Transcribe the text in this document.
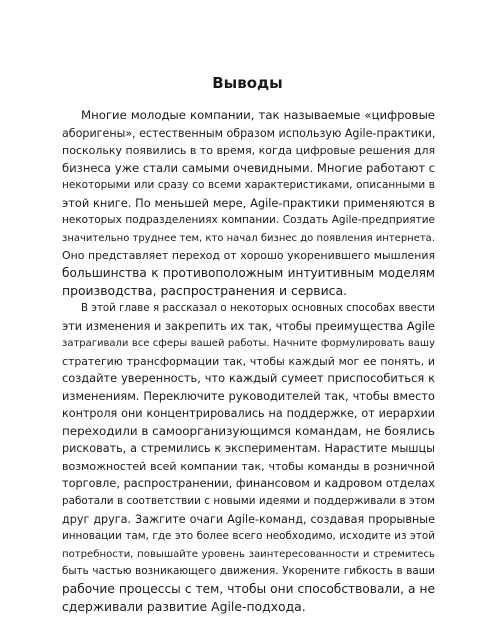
Выводы
Многие молодые компании, так называемые «цифровые
аборигены», естественным образом использую Agile-практики,
поскольку появились в то время, когда цифровые решения для
бизнеса уже стали самыми очевидными. Многие работают с
некоторыми или сразу со всеми характеристиками, описанными в
этой книге. По меньшей мере, Agile-практики применяются в
некоторых подразделениях компании. Создать Agile-предприятие
значительно труднее тем, кто начал бизнес до появления интернета.
Оно представляет переход от хорошо укоренившего мышления
большинства к противоположным интуитивным моделям
производства, распространения и сервиса.
В этой главе я рассказал о некоторых основных способах ввести
эти изменения и закрепить их так, чтобы преимущества Agile
затрагивали все сферы вашей работы. Начните формулировать вашу
стратегию трансформации так, чтобы каждый мог ее понять, и
создайте уверенность, что каждый сумеет приспособиться к
изменениям. Переключите руководителей так, чтобы вместо
контроля они концентрировались на поддержке, от иерархии
переходили в самоорганизующимся командам, не боялись
рисковать, а стремились к экспериментам. Нарастите мышцы
возможностей всей компании так, чтобы команды в розничной
торговле, распространении, финансовом и кадровом отделах
работали в соответствии с новыми идеями и поддерживали в этом
друг друга. Зажгите очаги Agile-команд, создавая прорывные
инновации там, где это более всего необходимо, исходите из этой
потребности, повышайте уровень заинтересованности и стремитесь
быть частью возникающего движения. Укорените гибкость в ваши
рабочие процессы с тем, чтобы они способствовали, а не
сдерживали развитие Agile-подхода.
